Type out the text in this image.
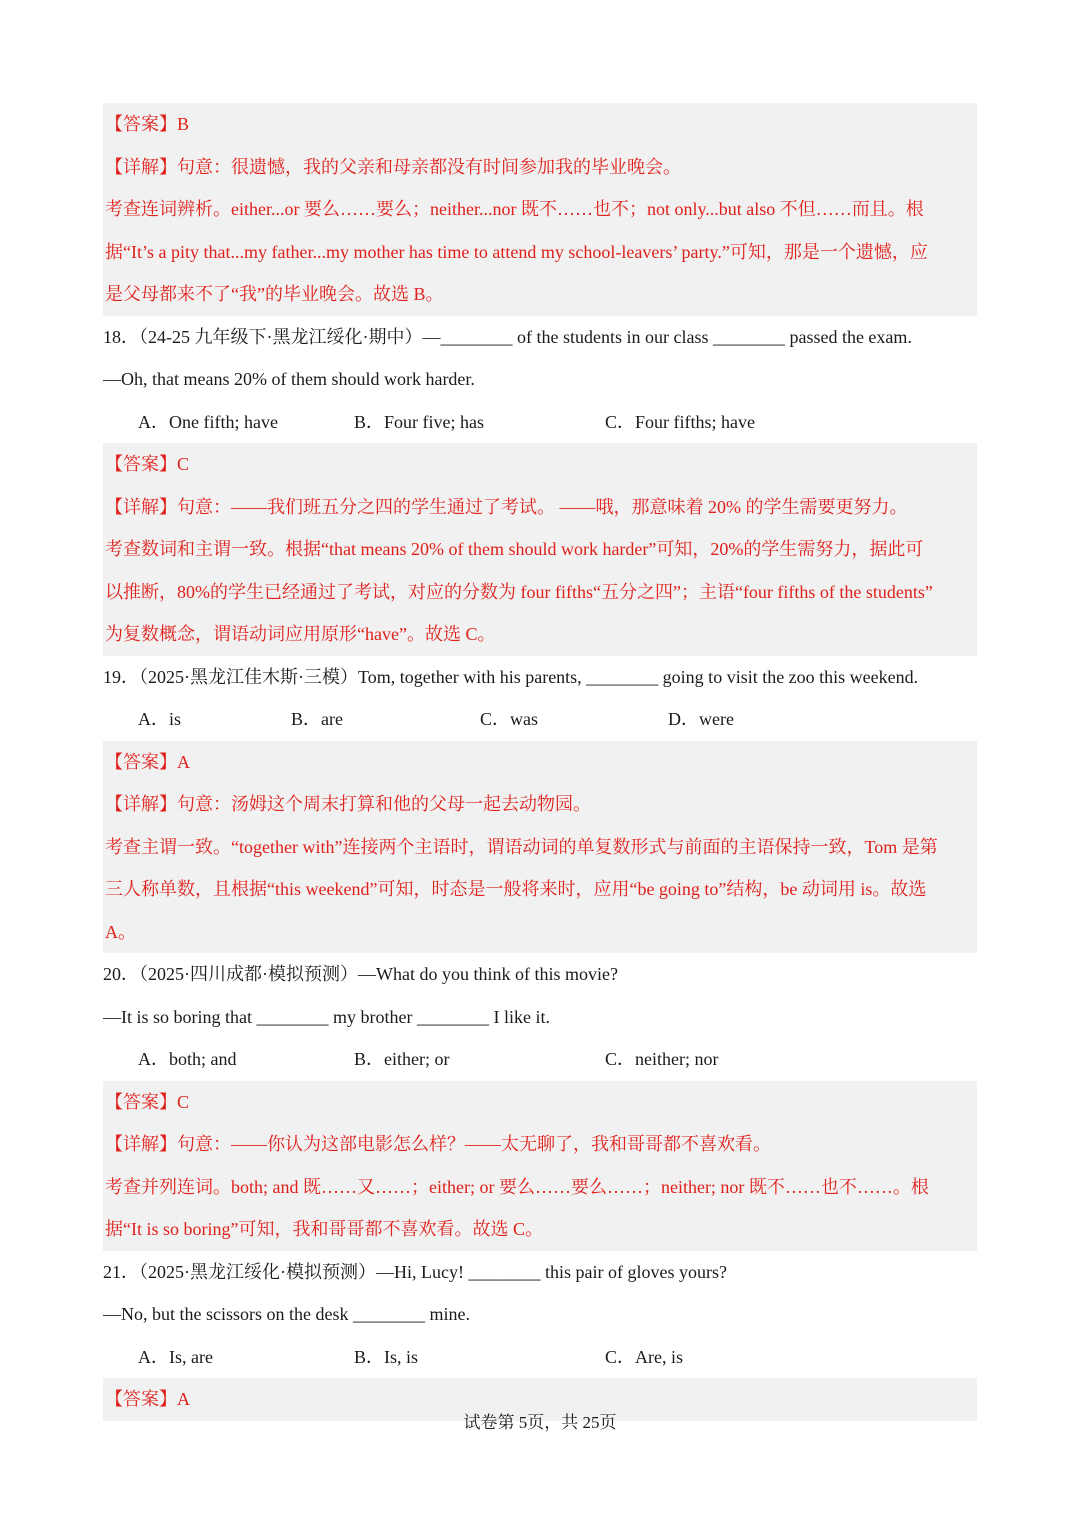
【答案】B
【详解】句意：很遗憾，我的父亲和母亲都没有时间参加我的毕业晚会。
考查连词辨析。either...or 要么……要么；neither...nor 既不……也不；not only...but also 不但……而且。根
据“It’s a pity that...my father...my mother has time to attend my school-leavers’ party.”可知，那是一个遗憾，应
是父母都来不了“我”的毕业晚会。故选 B。
18．（24-25 九年级下·黑龙江绥化·期中）—________ of the students in our class ________ passed the exam.
—Oh, that means 20% of them should work harder.
A．One fifth; have	B．Four five; has	C．Four fifths; have
【答案】C
【详解】句意：——我们班五分之四的学生通过了考试。 ——哦，那意味着 20% 的学生需要更努力。
考查数词和主谓一致。根据“that means 20% of them should work harder”可知，20%的学生需努力，据此可
以推断，80%的学生已经通过了考试，对应的分数为 four fifths“五分之四”；主语“four fifths of the students”
为复数概念，谓语动词应用原形“have”。故选 C。
19．（2025·黑龙江佳木斯·三模）Tom, together with his parents, ________ going to visit the zoo this weekend.
A．is	B．are	C．was	D．were
【答案】A
【详解】句意：汤姆这个周末打算和他的父母一起去动物园。
考查主谓一致。“together with”连接两个主语时，谓语动词的单复数形式与前面的主语保持一致，Tom 是第
三人称单数，且根据“this weekend”可知，时态是一般将来时，应用“be going to”结构，be 动词用 is。故选
A。
20．（2025·四川成都·模拟预测）—What do you think of this movie?
—It is so boring that ________ my brother ________ I like it.
A．both; and	B．either; or	C．neither; nor
【答案】C
【详解】句意：——你认为这部电影怎么样？——太无聊了，我和哥哥都不喜欢看。
考查并列连词。both; and 既……又……；either; or 要么……要么……；neither; nor 既不……也不……。根
据“It is so boring”可知，我和哥哥都不喜欢看。故选 C。
21．（2025·黑龙江绥化·模拟预测）—Hi, Lucy! ________ this pair of gloves yours?
—No, but the scissors on the desk ________ mine.
A．Is, are	B．Is, is	C．Are, is
【答案】A
试卷第 5页，共 25页
